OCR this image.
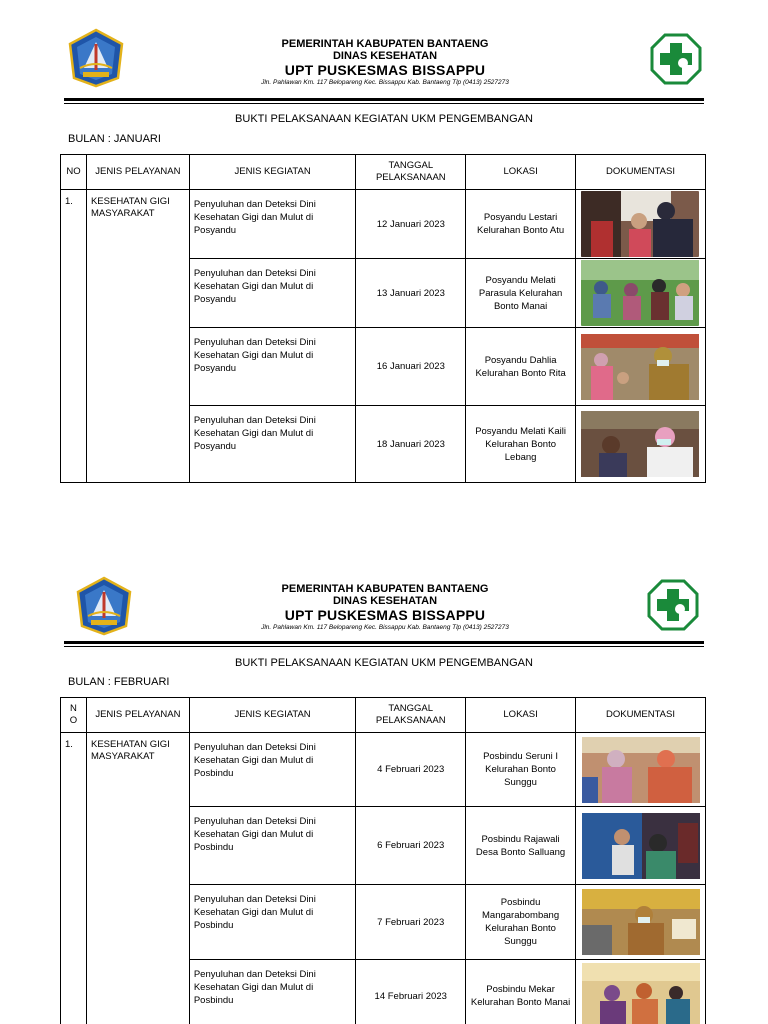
PEMERINTAH KABUPATEN BANTAENG
DINAS KESEHATAN
UPT PUSKESMAS BISSAPPU
Jln. Pahlawan Km. 117 Belopareng Kec. Bissappu Kab. Bantaeng Tlp (0413) 2527273
BUKTI PELAKSANAAN KEGIATAN UKM PENGEMBANGAN
BULAN : JANUARI
NO	JENIS PELAYANAN	JENIS KEGIATAN	TANGGAL PELAKSANAAN	LOKASI	DOKUMENTASI
1.	KESEHATAN GIGI MASYARAKAT	Penyuluhan dan Deteksi Dini Kesehatan Gigi dan Mulut di Posyandu	12 Januari 2023	Posyandu Lestari Kelurahan Bonto Atu	

		Penyuluhan dan Deteksi Dini Kesehatan Gigi dan Mulut di Posyandu	13 Januari 2023	Posyandu Melati Parasula Kelurahan Bonto Manai	

		Penyuluhan dan Deteksi Dini Kesehatan Gigi dan Mulut di Posyandu	16 Januari 2023	Posyandu Dahlia Kelurahan Bonto Rita	

		Penyuluhan dan Deteksi Dini Kesehatan Gigi dan Mulut di Posyandu	18 Januari 2023	Posyandu Melati Kaili Kelurahan Bonto Lebang	
PEMERINTAH KABUPATEN BANTAENG
DINAS KESEHATAN
UPT PUSKESMAS BISSAPPU
Jln. Pahlawan Km. 117 Belopareng Kec. Bissappu Kab. Bantaeng Tlp (0413) 2527273
BUKTI PELAKSANAAN KEGIATAN UKM PENGEMBANGAN
BULAN : FEBRUARI
N O	JENIS PELAYANAN	JENIS KEGIATAN	TANGGAL PELAKSANAAN	LOKASI	DOKUMENTASI
1.	KESEHATAN GIGI MASYARAKAT	Penyuluhan dan Deteksi Dini Kesehatan Gigi dan Mulut di Posbindu	4 Februari 2023	Posbindu Seruni I Kelurahan Bonto Sunggu	

		Penyuluhan dan Deteksi Dini Kesehatan Gigi dan Mulut di Posbindu	6 Februari 2023	Posbindu Rajawali Desa Bonto Salluang	

		Penyuluhan dan Deteksi Dini Kesehatan Gigi dan Mulut di Posbindu	7 Februari 2023	Posbindu Mangarabombang Kelurahan Bonto Sunggu	

		Penyuluhan dan Deteksi Dini Kesehatan Gigi dan Mulut di Posbindu	14 Februari 2023	Posbindu Mekar Kelurahan Bonto Manai	
